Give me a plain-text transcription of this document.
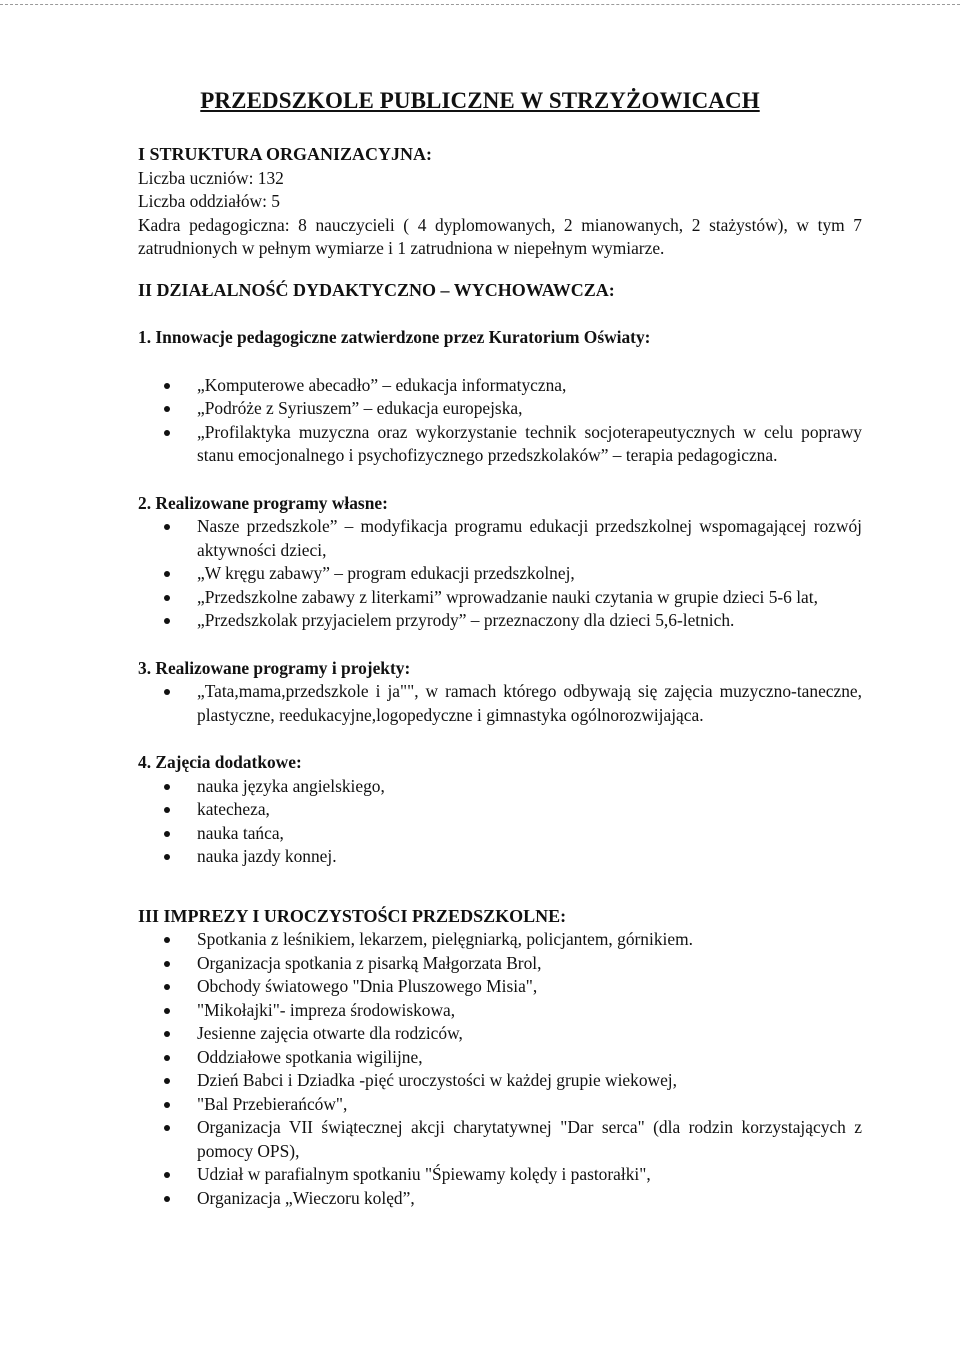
PRZEDSZKOLE PUBLICZNE W STRZYŻOWICACH

I STRUKTURA ORGANIZACYJNA:

Liczba uczniów: 132

Liczba oddziałów: 5

Kadra pedagogiczna: 8 nauczycieli ( 4 dyplomowanych, 2 mianowanych, 2 stażystów), w tym 7 zatrudnionych w pełnym wymiarze i 1 zatrudniona w niepełnym wymiarze.

II DZIAŁALNOŚĆ DYDAKTYCZNO – WYCHOWAWCZA:

1. Innowacje pedagogiczne zatwierdzone przez Kuratorium Oświaty:

„Komputerowe abecadło” – edukacja informatyczna,
„Podróże z Syriuszem” – edukacja europejska,
„Profilaktyka muzyczna oraz wykorzystanie technik socjoterapeutycznych w celu poprawy stanu emocjonalnego i psychofizycznego przedszkolaków” – terapia pedagogiczna.

2. Realizowane programy własne:

Nasze przedszkole” – modyfikacja programu edukacji przedszkolnej wspomagającej rozwój aktywności dzieci,
„W kręgu zabawy” – program edukacji przedszkolnej,
„Przedszkolne zabawy z literkami” wprowadzanie nauki czytania w grupie dzieci 5-6 lat,
„Przedszkolak przyjacielem przyrody” – przeznaczony dla dzieci 5,6-letnich.

3. Realizowane programy i projekty:

„Tata,mama,przedszkole i ja"", w ramach którego odbywają się zajęcia muzyczno-taneczne, plastyczne, reedukacyjne,logopedyczne i gimnastyka ogólnorozwijająca.

4. Zajęcia dodatkowe:

nauka języka angielskiego,
katecheza,
nauka tańca,
nauka jazdy konnej.

III IMPREZY I UROCZYSTOŚCI PRZEDSZKOLNE:

Spotkania z leśnikiem, lekarzem, pielęgniarką, policjantem, górnikiem.
Organizacja spotkania z pisarką Małgorzata Brol,
Obchody światowego "Dnia Pluszowego Misia",
"Mikołajki"- impreza środowiskowa,
Jesienne zajęcia otwarte dla rodziców,
Oddziałowe spotkania wigilijne,
Dzień Babci i Dziadka -pięć uroczystości w każdej grupie wiekowej,
"Bal Przebierańców",
Organizacja VII świątecznej akcji charytatywnej "Dar serca" (dla rodzin korzystających z pomocy OPS),
Udział w parafialnym spotkaniu "Śpiewamy kolędy i pastorałki",
Organizacja „Wieczoru kolęd”,
